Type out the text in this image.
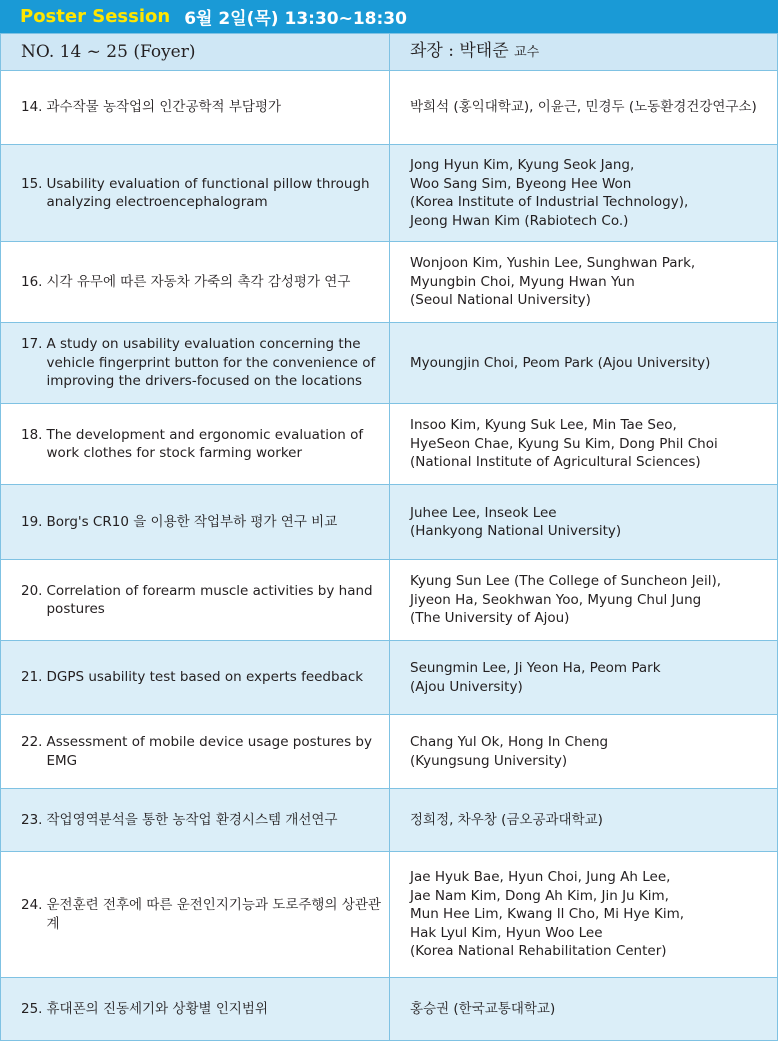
Poster Session 6월 2일(목) 13:30~18:30
NO. 14 ~ 25 (Foyer)	좌장 : 박태준 교수

14. 과수작물 농작업의 인간공학적 부담평가	박희석 (홍익대학교), 이윤근, 민경두 (노동환경건강연구소)

15. Usability evaluation of functional pillow through analyzing electroencephalogram	Jong Hyun Kim, Kyung Seok Jang,
Woo Sang Sim, Byeong Hee Won
(Korea Institute of Industrial Technology),
Jeong Hwan Kim (Rabiotech Co.)

16. 시각 유무에 따른 자동차 가죽의 촉각 감성평가 연구	Wonjoon Kim, Yushin Lee, Sunghwan Park,
Myungbin Choi, Myung Hwan Yun
(Seoul National University)

17. A study on usability evaluation concerning the vehicle fingerprint button for the convenience of improving the drivers-focused on the locations	Myoungjin Choi, Peom Park (Ajou University)

18. The development and ergonomic evaluation of work clothes for stock farming worker	Insoo Kim, Kyung Suk Lee, Min Tae Seo,
HyeSeon Chae, Kyung Su Kim, Dong Phil Choi
(National Institute of Agricultural Sciences)

19. Borg's CR10 을 이용한 작업부하 평가 연구 비교	Juhee Lee, Inseok Lee
(Hankyong National University)

20. Correlation of forearm muscle activities by hand postures	Kyung Sun Lee (The College of Suncheon Jeil),
Jiyeon Ha, Seokhwan Yoo, Myung Chul Jung
(The University of Ajou)

21. DGPS usability test based on experts feedback	Seungmin Lee, Ji Yeon Ha, Peom Park
(Ajou University)

22. Assessment of mobile device usage postures by EMG	Chang Yul Ok, Hong In Cheng
(Kyungsung University)

23. 작업영역분석을 통한 농작업 환경시스템 개선연구	정희정, 차우창 (금오공과대학교)

24. 운전훈련 전후에 따른 운전인지기능과 도로주행의 상관관계	Jae Hyuk Bae, Hyun Choi, Jung Ah Lee,
Jae Nam Kim, Dong Ah Kim, Jin Ju Kim,
Mun Hee Lim, Kwang Il Cho, Mi Hye Kim,
Hak Lyul Kim, Hyun Woo Lee
(Korea National Rehabilitation Center)

25. 휴대폰의 진동세기와 상황별 인지범위	홍승권 (한국교통대학교)
